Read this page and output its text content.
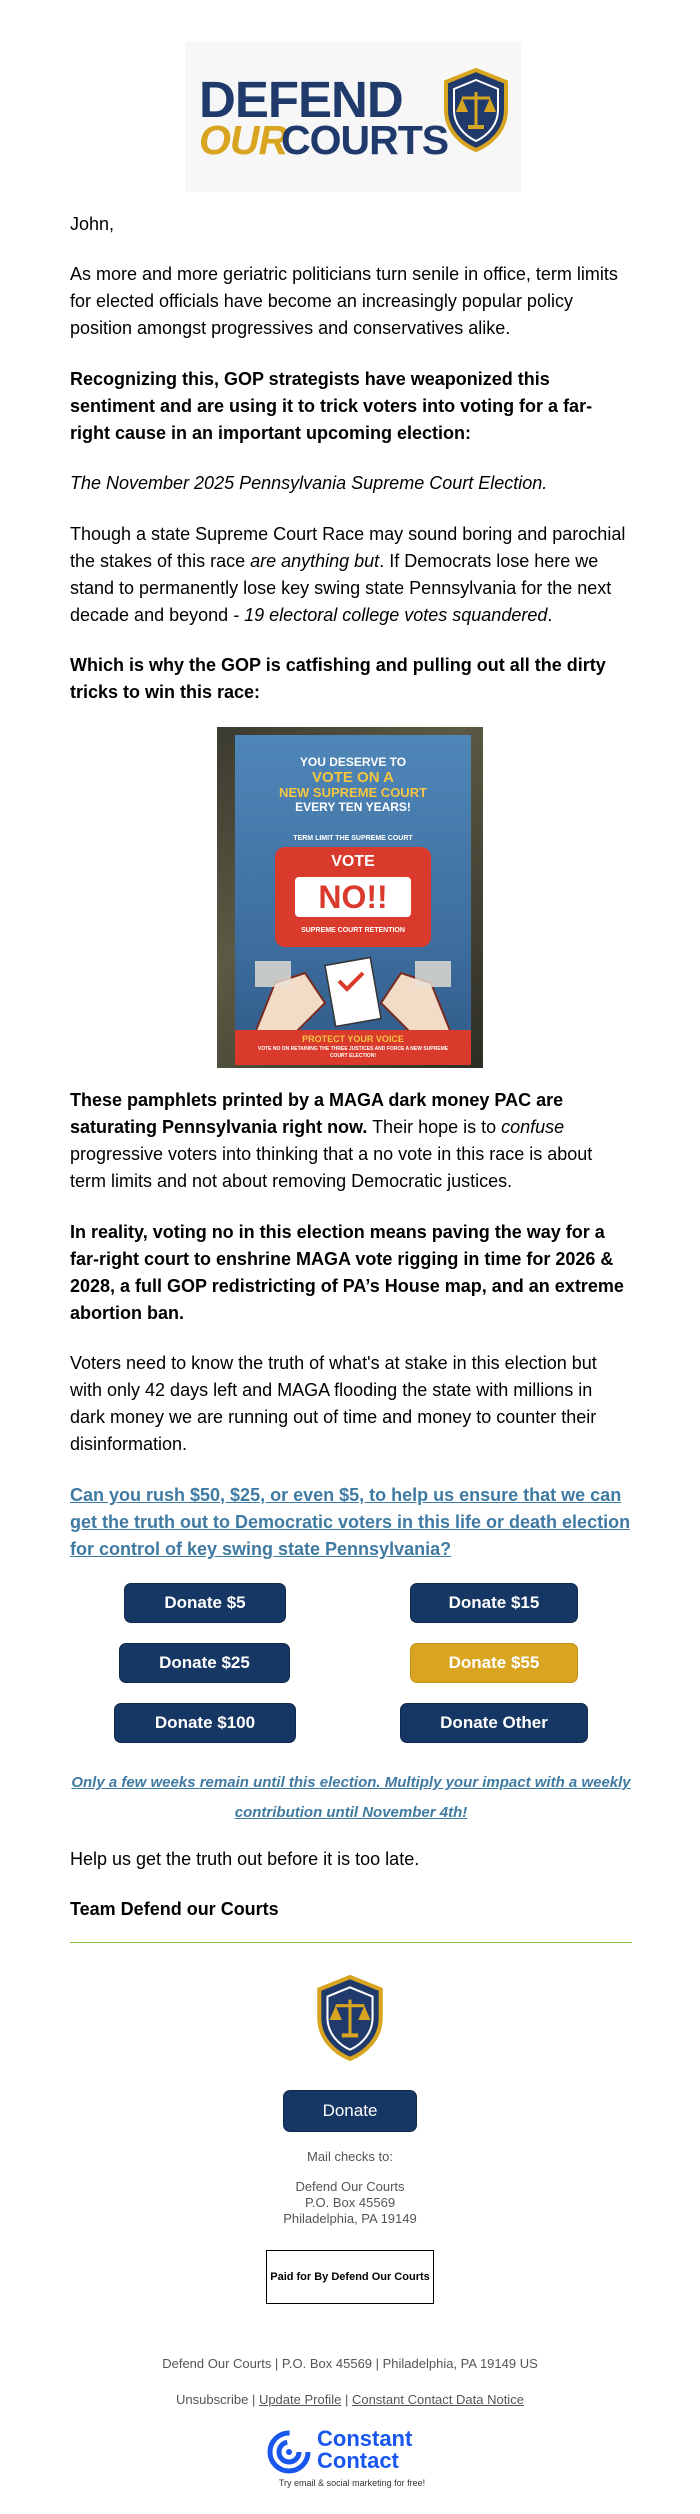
DEFEND
OUR
COURTS

John,

As more and more geriatric politicians turn senile in office, term limits for elected officials have become an increasingly popular policy position amongst progressives and conservatives alike.

Recognizing this, GOP strategists have weaponized this sentiment and are using it to trick voters into voting for a far-right cause in an important upcoming election:

The November 2025 Pennsylvania Supreme Court Election.

Though a state Supreme Court Race may sound boring and parochial the stakes of this race are anything but. If Democrats lose here we stand to permanently lose key swing state Pennsylvania for the next decade and beyond - 19 electoral college votes squandered.

Which is why the GOP is catfishing and pulling out all the dirty tricks to win this race:

YOU DESERVE TO
VOTE ON A
NEW SUPREME COURT
EVERY TEN YEARS!
TERM LIMIT THE SUPREME COURT
VOTE
NO!!
SUPREME COURT RETENTION
PROTECT YOUR VOICE
VOTE NO ON RETAINING THE THREE JUSTICES AND FORCE A NEW SUPREME COURT ELECTION!

These pamphlets printed by a MAGA dark money PAC are saturating Pennsylvania right now. Their hope is to confuse progressive voters into thinking that a no vote in this race is about term limits and not about removing Democratic justices.

In reality, voting no in this election means paving the way for a far-right court to enshrine MAGA vote rigging in time for 2026 & 2028, a full GOP redistricting of PA’s House map, and an extreme abortion ban.

Voters need to know the truth of what's at stake in this election but with only 42 days left and MAGA flooding the state with millions in dark money we are running out of time and money to counter their disinformation.

Can you rush $50, $25, or even $5, to help us ensure that we can get the truth out to Democratic voters in this life or death election for control of key swing state Pennsylvania?

Donate $5	Donate $15
Donate $25	Donate $55
Donate $100	Donate Other
Only a few weeks remain until this election. Multiply your impact with a weekly contribution until November 4th!

Help us get the truth out before it is too late.

Team Defend our Courts

Donate
Mail checks to:
Defend Our Courts
P.O. Box 45569
Philadelphia, PA 19149
Paid for By Defend Our Courts
Defend Our Courts | P.O. Box 45569 | Philadelphia, PA 19149 US
Unsubscribe | Update Profile | Constant Contact Data Notice
Constant
Contact
Try email & social marketing for free!
